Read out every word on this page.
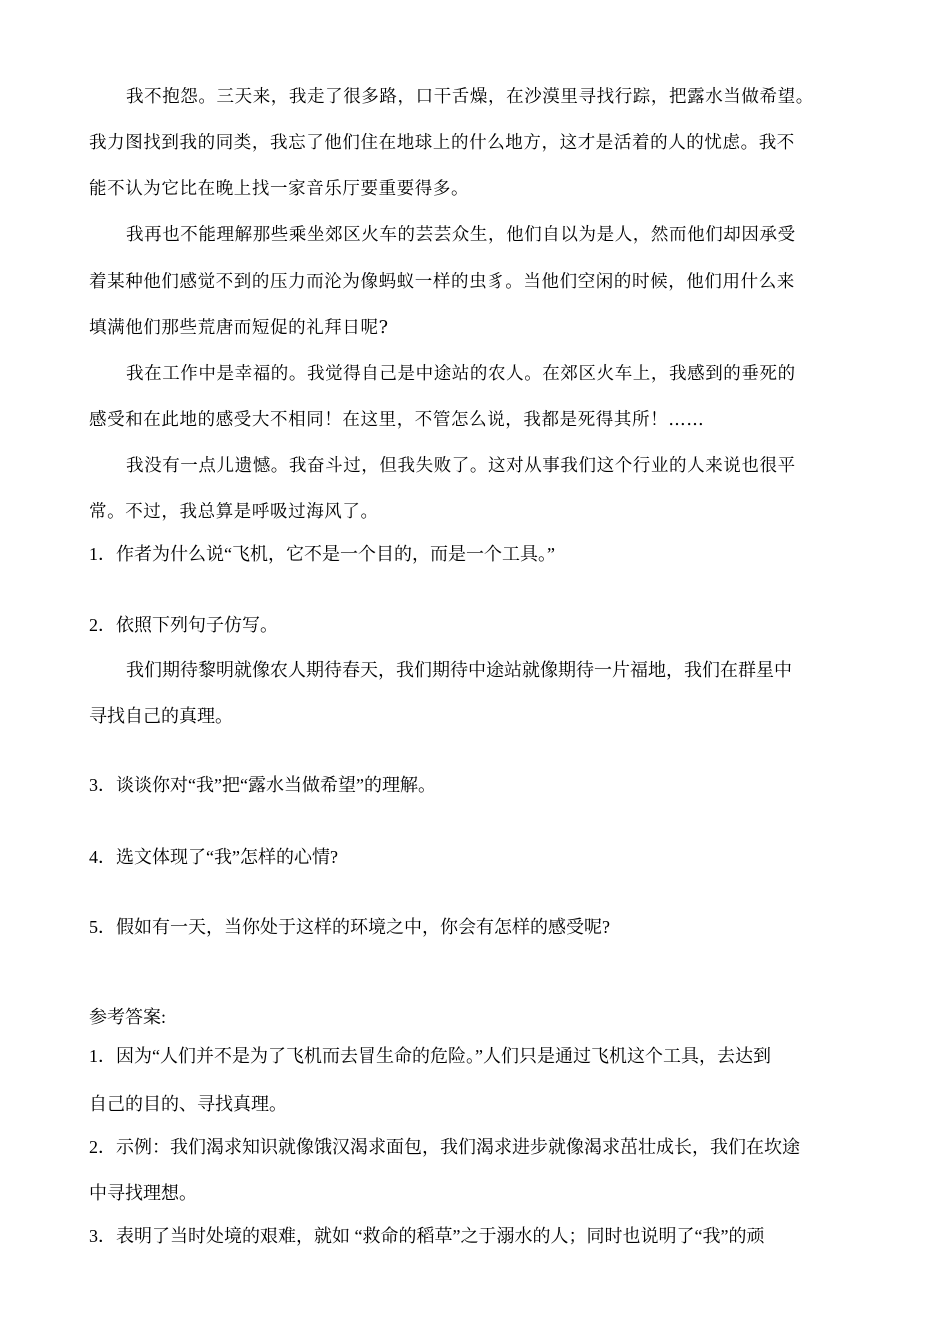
我不抱怨。三天来，我走了很多路，口干舌燥，在沙漠里寻找行踪，把露水当做希望。
我力图找到我的同类，我忘了他们住在地球上的什么地方，这才是活着的人的忧虑。我不
能不认为它比在晚上找一家音乐厅要重要得多。
我再也不能理解那些乘坐郊区火车的芸芸众生，他们自以为是人，然而他们却因承受
着某种他们感觉不到的压力而沦为像蚂蚁一样的虫豸。当他们空闲的时候，他们用什么来
填满他们那些荒唐而短促的礼拜日呢?
我在工作中是幸福的。我觉得自己是中途站的农人。在郊区火车上，我感到的垂死的
感受和在此地的感受大不相同！在这里，不管怎么说，我都是死得其所！……
我没有一点儿遗憾。我奋斗过，但我失败了。这对从事我们这个行业的人来说也很平
常。不过，我总算是呼吸过海风了。
1．作者为什么说“飞机，它不是一个目的，而是一个工具。”
2．依照下列句子仿写。
我们期待黎明就像农人期待春天，我们期待中途站就像期待一片福地，我们在群星中
寻找自己的真理。
3．谈谈你对“我”把“露水当做希望”的理解。
4．选文体现了“我”怎样的心情?
5．假如有一天，当你处于这样的环境之中，你会有怎样的感受呢?
参考答案:
1．因为“人们并不是为了飞机而去冒生命的危险。”人们只是通过飞机这个工具，去达到
自己的目的、寻找真理。
2．示例：我们渴求知识就像饿汉渴求面包，我们渴求进步就像渴求茁壮成长，我们在坎途
中寻找理想。
3．表明了当时处境的艰难，就如 “救命的稻草”之于溺水的人；同时也说明了“我”的顽
